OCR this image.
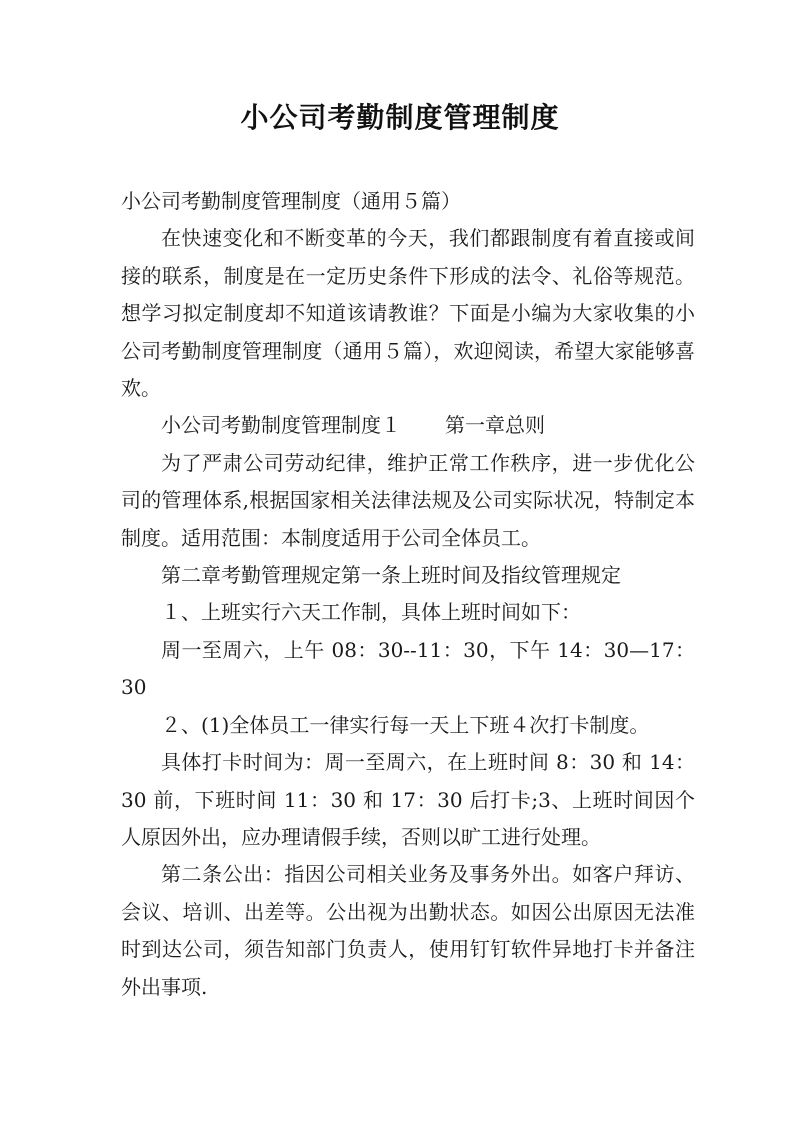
小公司考勤制度管理制度

小公司考勤制度管理制度（通用５篇）

在快速变化和不断变革的今天，我们都跟制度有着直接或间接的联系，制度是在一定历史条件下形成的法令、礼俗等规范。想学习拟定制度却不知道该请教谁？下面是小编为大家收集的小公司考勤制度管理制度（通用５篇），欢迎阅读，希望大家能够喜欢。

小公司考勤制度管理制度１ 第一章总则

为了严肃公司劳动纪律，维护正常工作秩序，进一步优化公司的管理体系,根据国家相关法律法规及公司实际状况，特制定本制度。适用范围：本制度适用于公司全体员工。

第二章考勤管理规定第一条上班时间及指纹管理规定

１、上班实行六天工作制，具体上班时间如下：

周一至周六，上午 08：30--11：30，下午 14：30—17：30

２、(1)全体员工一律实行每一天上下班４次打卡制度。

具体打卡时间为：周一至周六，在上班时间 8：30 和 14：30 前，下班时间 11：30 和 17：30 后打卡;3、上班时间因个人原因外出，应办理请假手续，否则以旷工进行处理。

第二条公出：指因公司相关业务及事务外出。如客户拜访、会议、培训、出差等。公出视为出勤状态。如因公出原因无法准时到达公司，须告知部门负责人，使用钉钉软件异地打卡并备注外出事项.
